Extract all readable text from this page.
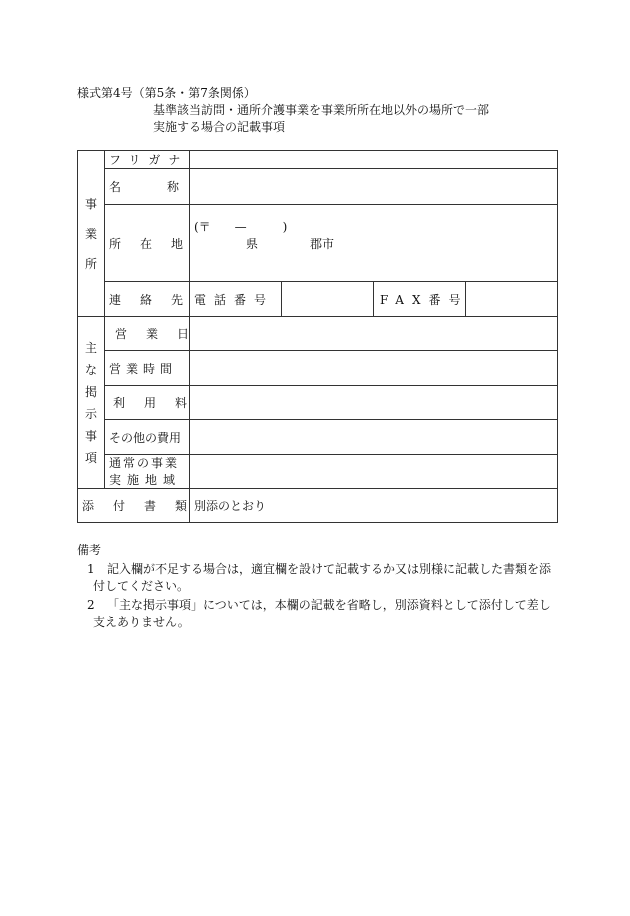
様式第4号（第5条・第7条関係）
基準該当訪問・通所介護事業を事業所所在地以外の場所で一部
実施する場合の記載事項
事業所	フリガナ				
	名称				
	所在地	(〒　　—　　　)
県 郡市			

	連絡先	電話番号		FAX番号	
主な掲示事項	営業日				
	営業時間				
	利用料				
	その他の費用				

	通常の事業
実施地域				

添付書類		別添のとおり			
備考
1 記入欄が不足する場合は，適宜欄を設けて記載するか又は別様に記載した書類を添
付してください。
2 「主な掲示事項」については，本欄の記載を省略し，別添資料として添付して差し
支えありません。
